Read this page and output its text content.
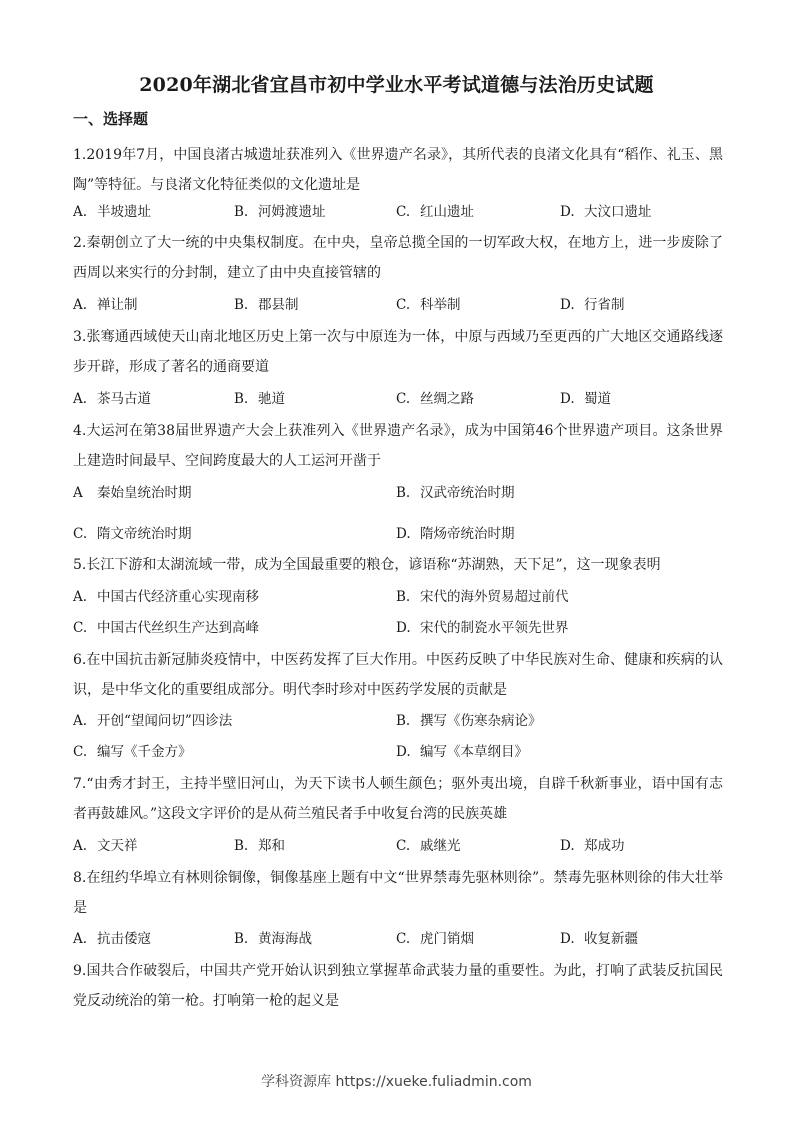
2020年湖北省宜昌市初中学业水平考试道德与法治历史试题
一、选择题
1.2019年7月，中国良渚古城遗址获准列入《世界遗产名录》，其所代表的良渚文化具有“稻作、礼玉、黑陶”等特征。与良渚文化特征类似的文化遗址是
A. 半坡遗址	B. 河姆渡遗址	C. 红山遗址	D. 大汶口遗址
2.秦朝创立了大一统的中央集权制度。在中央，皇帝总揽全国的一切军政大权，在地方上，进一步废除了西周以来实行的分封制，建立了由中央直接管辖的
A. 禅让制	B. 郡县制	C. 科举制	D. 行省制
3.张骞通西域使天山南北地区历史上第一次与中原连为一体，中原与西域乃至更西的广大地区交通路线逐步开辟，形成了著名的通商要道
A. 茶马古道	B. 驰道	C. 丝绸之路	D. 蜀道
4.大运河在第38届世界遗产大会上获准列入《世界遗产名录》，成为中国第46个世界遗产项目。这条世界上建造时间最早、空间跨度最大的人工运河开凿于
A 秦始皇统治时期	B. 汉武帝统治时期
C. 隋文帝统治时期	D. 隋炀帝统治时期
5.长江下游和太湖流域一带，成为全国最重要的粮仓，谚语称“苏湖熟，天下足”，这一现象表明
A. 中国古代经济重心实现南移	B. 宋代的海外贸易超过前代
C. 中国古代丝织生产达到高峰	D. 宋代的制瓷水平领先世界
6.在中国抗击新冠肺炎疫情中，中医药发挥了巨大作用。中医药反映了中华民族对生命、健康和疾病的认识，是中华文化的重要组成部分。明代李时珍对中医药学发展的贡献是
A. 开创“望闻问切”四诊法	B. 撰写《伤寒杂病论》
C. 编写《千金方》	D. 编写《本草纲目》
7.“由秀才封王，主持半壁旧河山，为天下读书人顿生颜色；驱外夷出境，自辟千秋新事业，语中国有志者再鼓雄风。”这段文字评价的是从荷兰殖民者手中收复台湾的民族英雄
A. 文天祥	B. 郑和	C. 戚继光	D. 郑成功
8.在纽约华埠立有林则徐铜像，铜像基座上题有中文“世界禁毒先驱林则徐”。禁毒先驱林则徐的伟大壮举是
A. 抗击倭寇	B. 黄海海战	C. 虎门销烟	D. 收复新疆
9.国共合作破裂后，中国共产党开始认识到独立掌握革命武装力量的重要性。为此，打响了武装反抗国民党反动统治的第一枪。打响第一枪的起义是
学科资源库 https://xueke.fuliadmin.com
